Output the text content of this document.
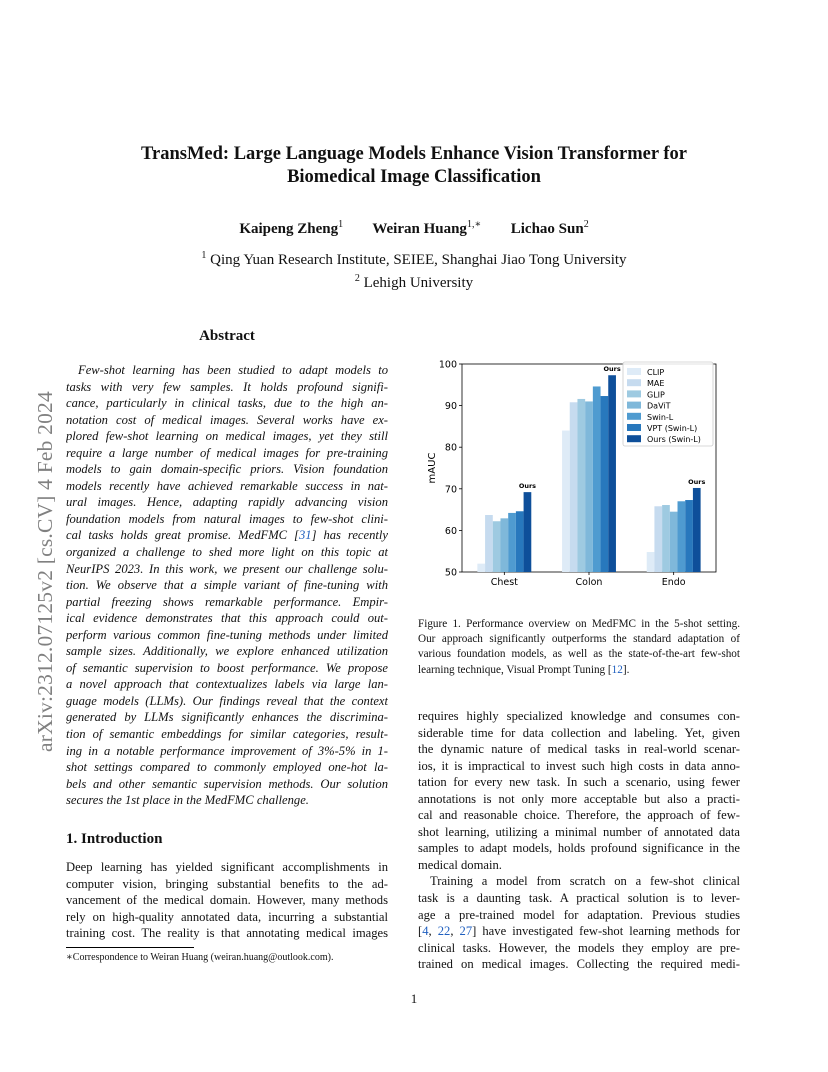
arXiv:2312.07125v2 [cs.CV] 4 Feb 2024
TransMed: Large Language Models Enhance Vision Transformer for
Biomedical Image Classification
Kaipeng Zheng$^1$ Weiran Huang$^{1,∗}$ Lichao Sun$^2$
$^1$ Qing Yuan Research Institute, SEIEE, Shanghai Jiao Tong University
$^2$ Lehigh University
Abstract
Few-shot learning has been studied to adapt models to
tasks with very few samples. It holds profound signifi-
cance, particularly in clinical tasks, due to the high an-
notation cost of medical images. Several works have ex-
plored few-shot learning on medical images, yet they still
require a large number of medical images for pre-training
models to gain domain-specific priors. Vision foundation
models recently have achieved remarkable success in nat-
ural images. Hence, adapting rapidly advancing vision
foundation models from natural images to few-shot clini-
cal tasks holds great promise. MedFMC [31] has recently
organized a challenge to shed more light on this topic at
NeurIPS 2023. In this work, we present our challenge solu-
tion. We observe that a simple variant of fine-tuning with
partial freezing shows remarkable performance. Empir-
ical evidence demonstrates that this approach could out-
perform various common fine-tuning methods under limited
sample sizes. Additionally, we explore enhanced utilization
of semantic supervision to boost performance. We propose
a novel approach that contextualizes labels via large lan-
guage models (LLMs). Our findings reveal that the context
generated by LLMs significantly enhances the discrimina-
tion of semantic embeddings for similar categories, result-
ing in a notable performance improvement of 3%-5% in 1-
shot settings compared to commonly employed one-hot la-
bels and other semantic supervision methods. Our solution
secures the 1st place in the MedFMC challenge.
1. Introduction
Deep learning has yielded significant accomplishments in
computer vision, bringing substantial benefits to the ad-
vancement of the medical domain. However, many methods
rely on high-quality annotated data, incurring a substantial
training cost. The reality is that annotating medical images
∗Correspondence to Weiran Huang (weiran.huang@outlook.com).
1
50
60
70
80
90
100
mAUC
Chest
Ours
Colon
Ours
Endo
Ours
CLIP
MAE
GLIP
DaViT
Swin-L
VPT (Swin-L)
Ours (Swin-L)
Figure 1. Performance overview on MedFMC in the 5-shot setting.
Our approach significantly outperforms the standard adaptation of
various foundation models, as well as the state-of-the-art few-shot
learning technique, Visual Prompt Tuning [12].
requires highly specialized knowledge and consumes con-
siderable time for data collection and labeling. Yet, given
the dynamic nature of medical tasks in real-world scenar-
ios, it is impractical to invest such high costs in data anno-
tation for every new task. In such a scenario, using fewer
annotations is not only more acceptable but also a practi-
cal and reasonable choice. Therefore, the approach of few-
shot learning, utilizing a minimal number of annotated data
samples to adapt models, holds profound significance in the
medical domain.
Training a model from scratch on a few-shot clinical
task is a daunting task. A practical solution is to lever-
age a pre-trained model for adaptation. Previous studies
[4, 22, 27] have investigated few-shot learning methods for
clinical tasks. However, the models they employ are pre-
trained on medical images. Collecting the required medi-
